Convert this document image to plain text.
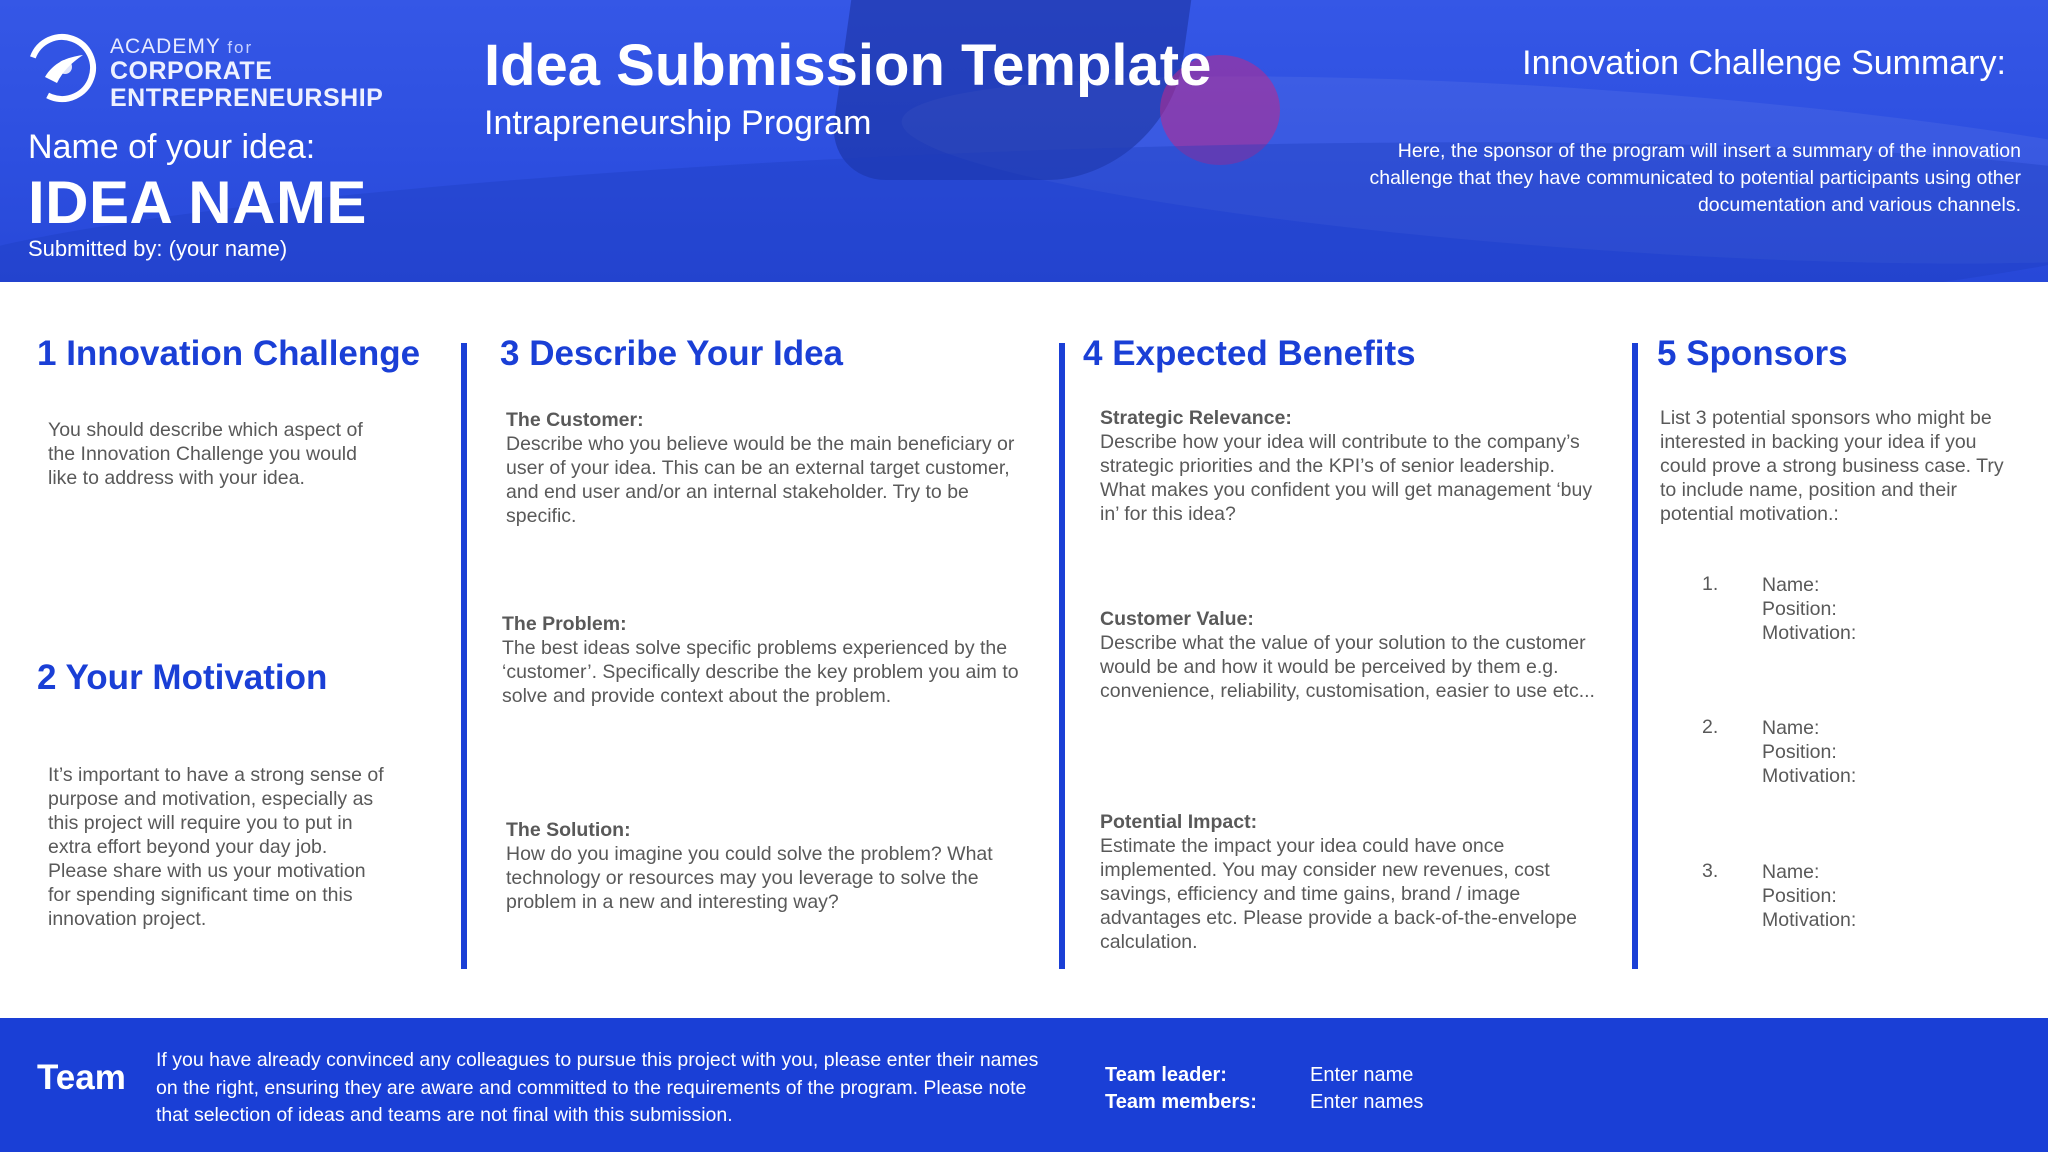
ACADEMY for
CORPORATE
ENTREPRENEURSHIP
Name of your idea:
IDEA NAME
Submitted by: (your name)
Idea Submission Template
Intrapreneurship Program
Innovation Challenge Summary:
Here, the sponsor of the program will insert a summary of the innovation challenge that they have communicated to potential participants using other documentation and various channels.
1 Innovation Challenge
You should describe which aspect of the Innovation Challenge you would like to address with your idea.
2 Your Motivation
It’s important to have a strong sense of purpose and motivation, especially as this project will require you to put in extra effort beyond your day job. Please share with us your motivation for spending significant time on this innovation project.
3 Describe Your Idea
The Customer:
Describe who you believe would be the main beneficiary or user of your idea. This can be an external target customer, and end user and/or an internal stakeholder. Try to be specific.
The Problem:
The best ideas solve specific problems experienced by the ‘customer’. Specifically describe the key problem you aim to solve and provide context about the problem.
The Solution:
How do you imagine you could solve the problem? What technology or resources may you leverage to solve the problem in a new and interesting way?
4 Expected Benefits
Strategic Relevance:
Describe how your idea will contribute to the company’s strategic priorities and the KPI’s of senior leadership. What makes you confident you will get management ‘buy in’ for this idea?
Customer Value:
Describe what the value of your solution to the customer would be and how it would be perceived by them e.g. convenience, reliability, customisation, easier to use etc...
Potential Impact:
Estimate the impact your idea could have once implemented. You may consider new revenues, cost savings, efficiency and time gains, brand / image advantages etc. Please provide a back-of-the-envelope calculation.
5 Sponsors
List 3 potential sponsors who might be interested in backing your idea if you could prove a strong business case. Try to include name, position and their potential motivation.:
1. Name:
Position:
Motivation:
2. Name:
Position:
Motivation:
3. Name:
Position:
Motivation:
Team If you have already convinced any colleagues to pursue this project with you, please enter their names on the right, ensuring they are aware and committed to the requirements of the program. Please note that selection of ideas and teams are not final with this submission.
Team leader:	Enter name
Team members:	Enter names
